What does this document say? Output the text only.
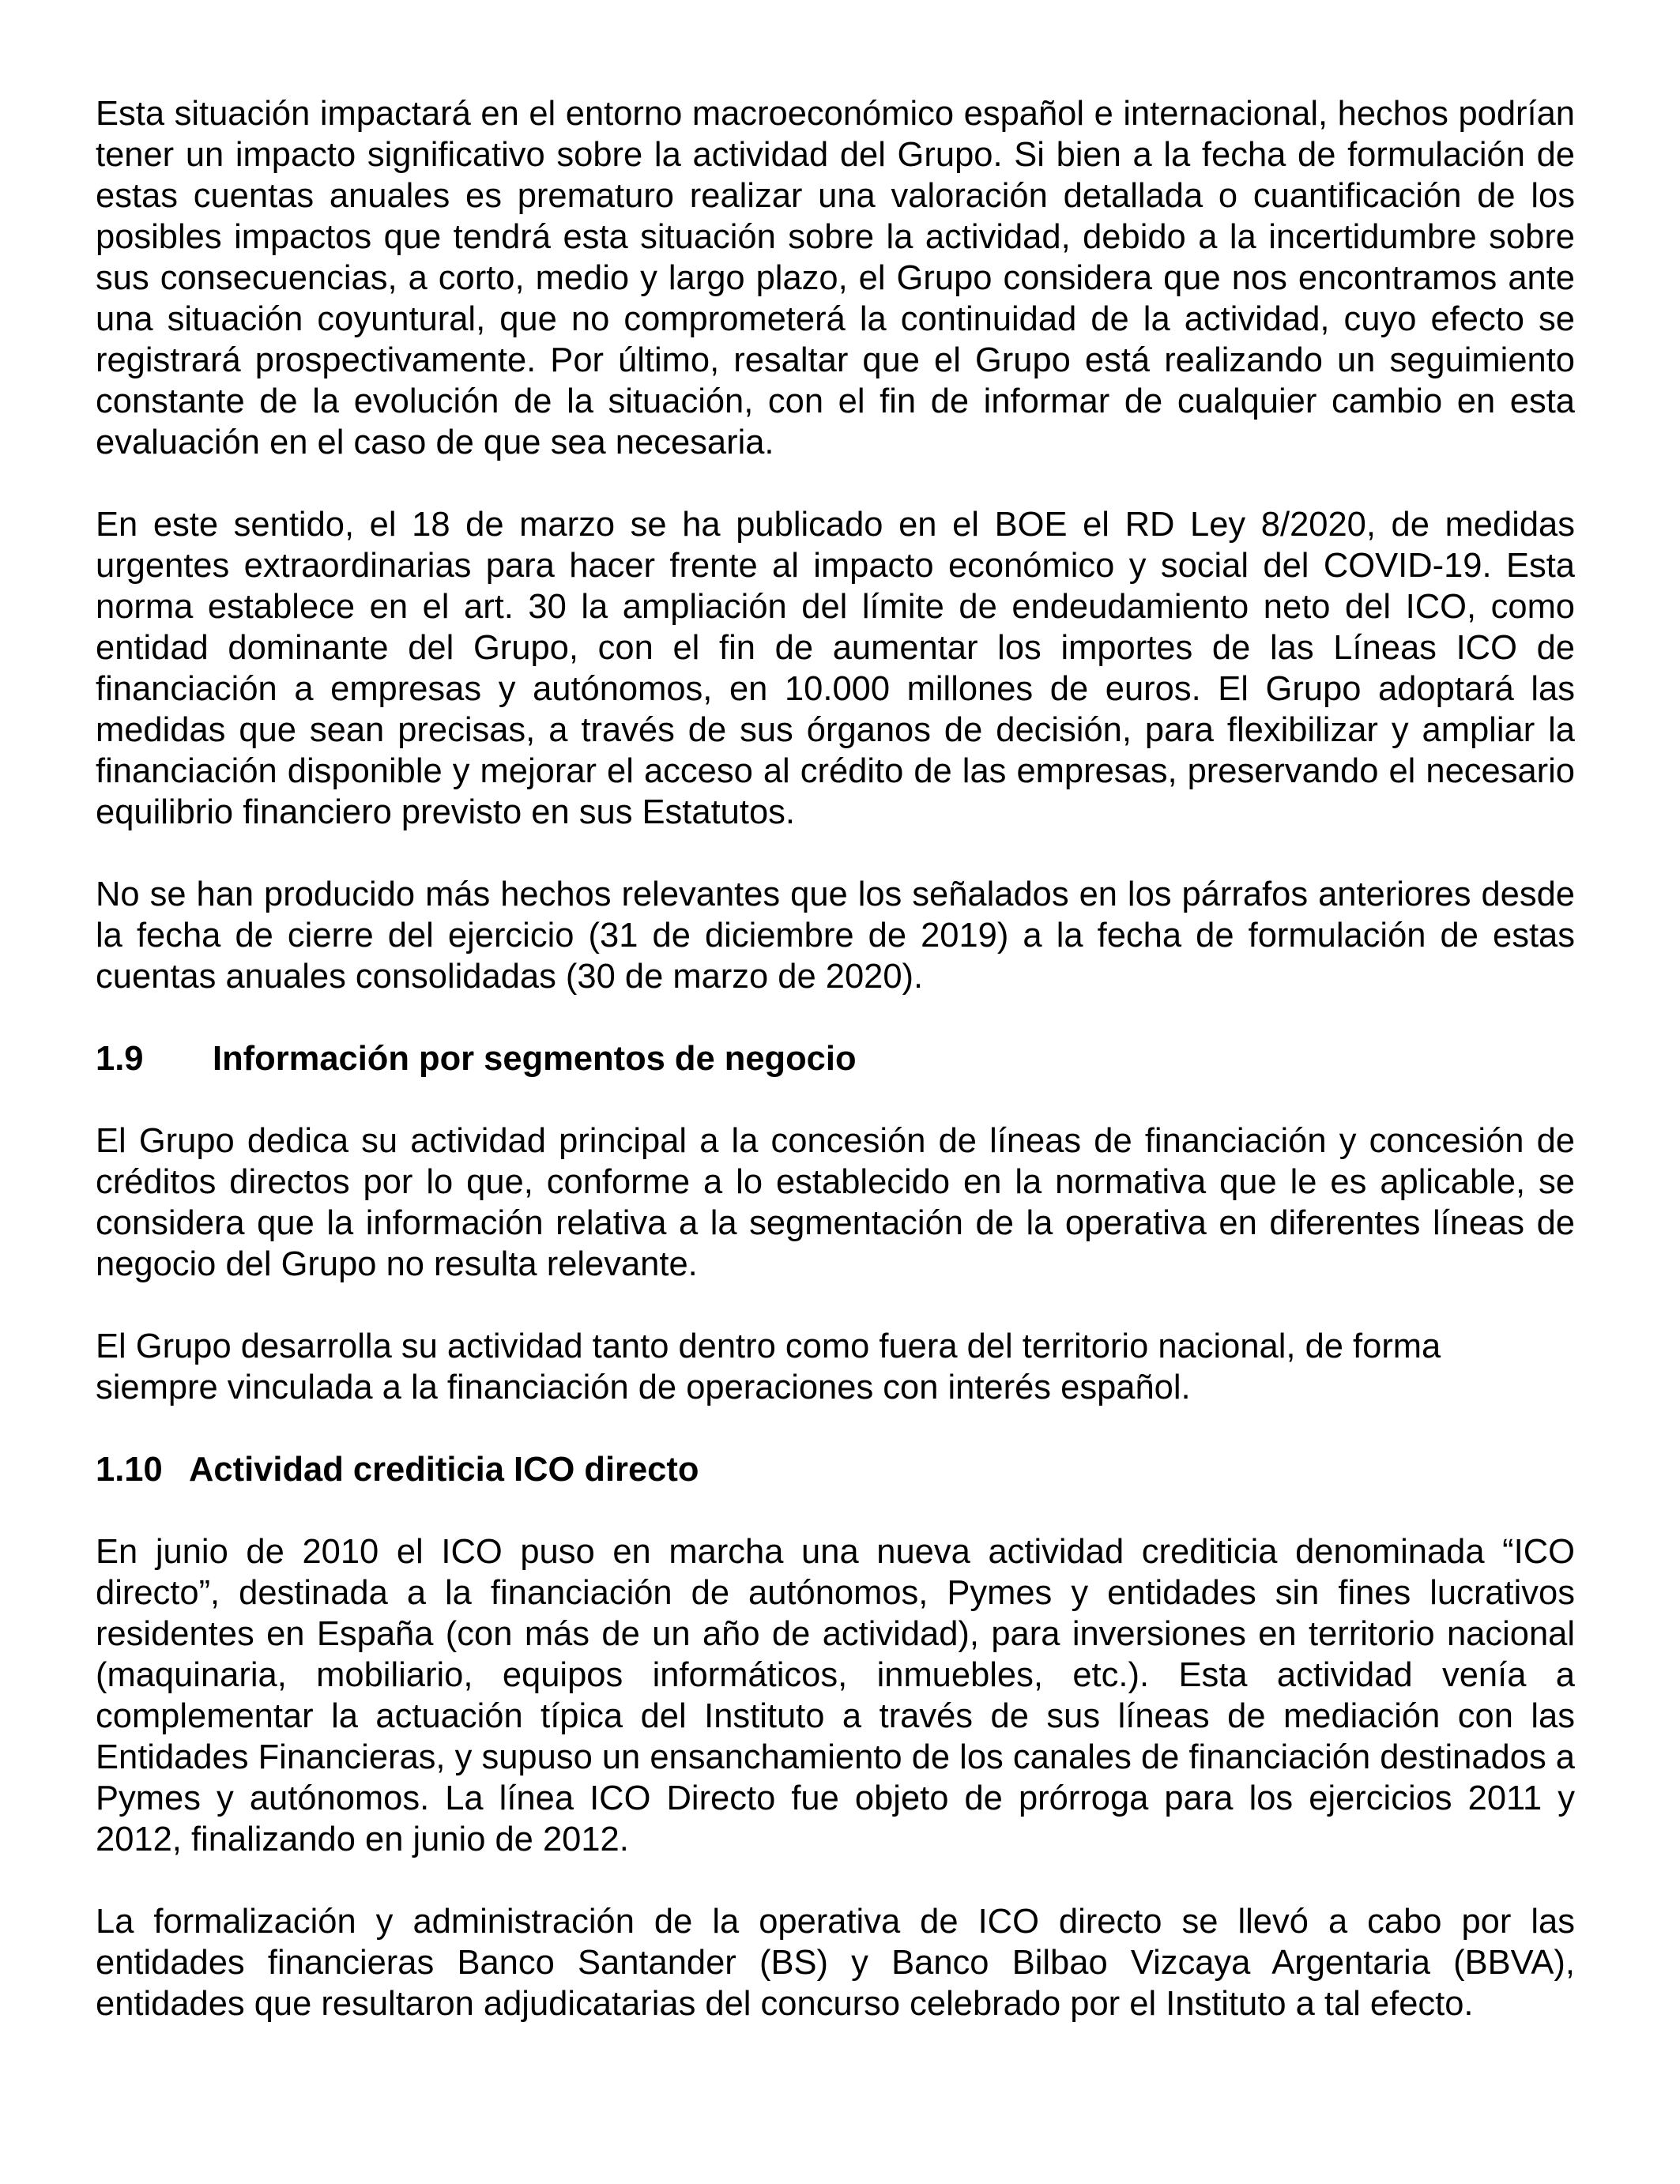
Esta situación impactará en el entorno macroeconómico español e internacional, hechos podrían tener un impacto significativo sobre la actividad del Grupo. Si bien a la fecha de formulación de estas cuentas anuales es prematuro realizar una valoración detallada o cuantificación de los posibles impactos que tendrá esta situación sobre la actividad, debido a la incertidumbre sobre sus consecuencias, a corto, medio y largo plazo, el Grupo considera que nos encontramos ante una situación coyuntural, que no comprometerá la continuidad de la actividad, cuyo efecto se registrará prospectivamente. Por último, resaltar que el Grupo está realizando un seguimiento constante de la evolución de la situación, con el fin de informar de cualquier cambio en esta evaluación en el caso de que sea necesaria.

En este sentido, el 18 de marzo se ha publicado en el BOE el RD Ley 8/2020, de medidas urgentes extraordinarias para hacer frente al impacto económico y social del COVID-19. Esta norma establece en el art. 30 la ampliación del límite de endeudamiento neto del ICO, como entidad dominante del Grupo, con el fin de aumentar los importes de las Líneas ICO de financiación a empresas y autónomos, en 10.000 millones de euros. El Grupo adoptará las medidas que sean precisas, a través de sus órganos de decisión, para flexibilizar y ampliar la financiación disponible y mejorar el acceso al crédito de las empresas, preservando el necesario equilibrio financiero previsto en sus Estatutos.

No se han producido más hechos relevantes que los señalados en los párrafos anteriores desde la fecha de cierre del ejercicio (31 de diciembre de 2019) a la fecha de formulación de estas cuentas anuales consolidadas (30 de marzo de 2020).

1.9	Información por segmentos de negocio

El Grupo dedica su actividad principal a la concesión de líneas de financiación y concesión de créditos directos por lo que, conforme a lo establecido en la normativa que le es aplicable, se considera que la información relativa a la segmentación de la operativa en diferentes líneas de negocio del Grupo no resulta relevante.

El Grupo desarrolla su actividad tanto dentro como fuera del territorio nacional, de forma siempre vinculada a la financiación de operaciones con interés español.

1.10 Actividad crediticia ICO directo

En junio de 2010 el ICO puso en marcha una nueva actividad crediticia denominada “ICO directo”, destinada a la financiación de autónomos, Pymes y entidades sin fines lucrativos residentes en España (con más de un año de actividad), para inversiones en territorio nacional (maquinaria, mobiliario, equipos informáticos, inmuebles, etc.). Esta actividad venía a complementar la actuación típica del Instituto a través de sus líneas de mediación con las Entidades Financieras, y supuso un ensanchamiento de los canales de financiación destinados a Pymes y autónomos. La línea ICO Directo fue objeto de prórroga para los ejercicios 2011 y 2012, finalizando en junio de 2012.

La formalización y administración de la operativa de ICO directo se llevó a cabo por las entidades financieras Banco Santander (BS) y Banco Bilbao Vizcaya Argentaria (BBVA), entidades que resultaron adjudicatarias del concurso celebrado por el Instituto a tal efecto.
